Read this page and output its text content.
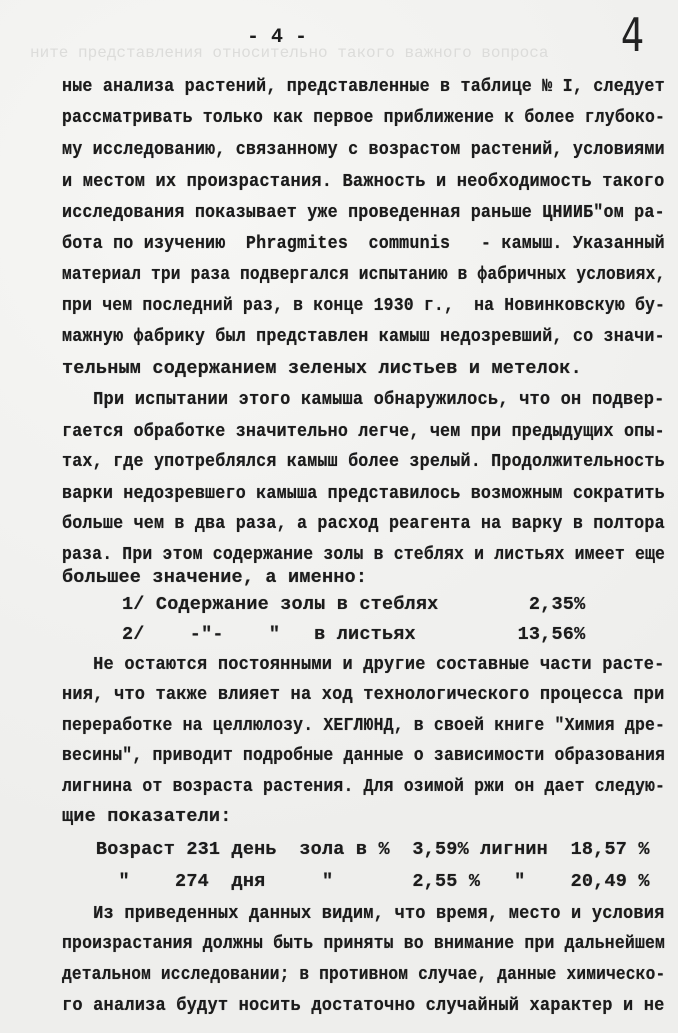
ните представления относительно такого важного вопроса
- 4 -	4
ные анализа растений, представленные в таблице № I, следует
рассматривать только как первое приближение к более глубоко-
му исследованию, связанному с возрастом растений, условиями
и местом их произрастания. Важность и необходимость такого
исследования показывает уже проведенная раньше ЦНИИБ"ом ра-
бота по изучению  Phragmites  communis   - камыш. Указанный
материал три раза подвергался испытанию в фабричных условиях,
при чем последний раз, в конце 1930 г.,  на Новинковскую бу-
мажную фабрику был представлен камыш недозревший, со значи-
тельным содержанием зеленых листьев и метелок.
При испытании этого камыша обнаружилось, что он подвер-
гается обработке значительно легче, чем при предыдущих опы-
тах, где употреблялся камыш более зрелый. Продолжительность
варки недозревшего камыша представилось возможным сократить
больше чем в два раза, а расход реагента на варку в полтора
раза. При этом содержание золы в стеблях и листьях имеет еще
большее значение, а именно:
1/ Содержание золы в стеблях        2,35%
2/    -"-    "   в листьях         13,56%
Не остаются постоянными и другие составные части расте-
ния, что также влияет на ход технологического процесса при
переработке на целлюлозу. ХЕГЛЮНД, в своей книге "Химия дре-
весины", приводит подробные данные о зависимости образования
лигнина от возраста растения. Для озимой ржи он дает следую-
щие показатели:
Возраст 231 день  зола в %  3,59% лигнин  18,57 %
"    274  дня     "       2,55 %   "    20,49 %
Из приведенных данных видим, что время, место и условия
произрастания должны быть приняты во внимание при дальнейшем
детальном исследовании; в противном случае, данные химическо-
го анализа будут носить достаточно случайный характер и не
